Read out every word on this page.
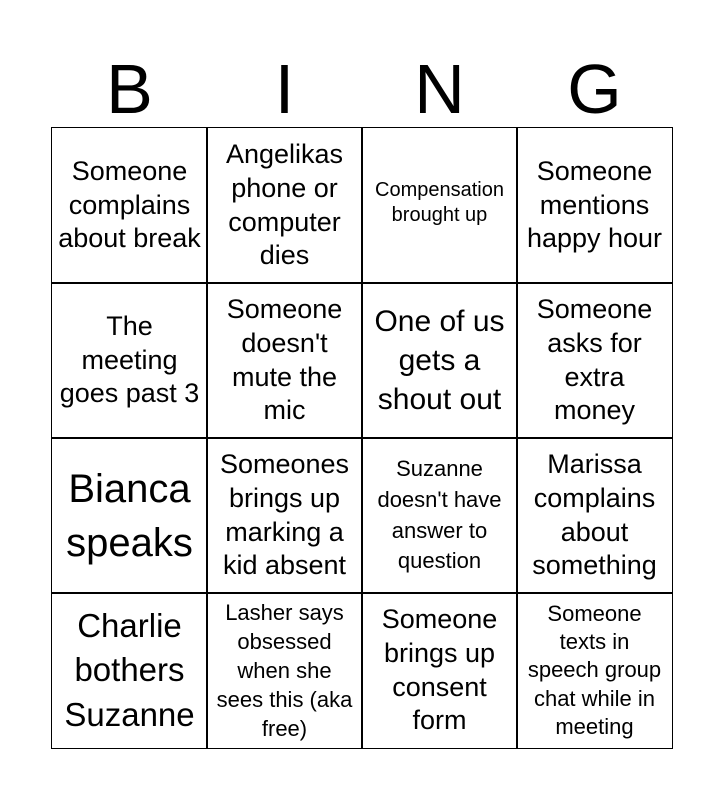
B	I	N	G
Someone complains about break
Angelikas phone or computer dies
Compensation brought up
Someone mentions happy hour
The meeting goes past 3
Someone doesn't mute the mic
One of us gets a shout out
Someone asks for extra money
Bianca speaks
Someones brings up marking a kid absent
Suzanne doesn't have answer to question
Marissa complains about something
Charlie bothers Suzanne
Lasher says obsessed when she sees this (aka free)
Someone brings up consent form
Someone texts in speech group chat while in meeting
